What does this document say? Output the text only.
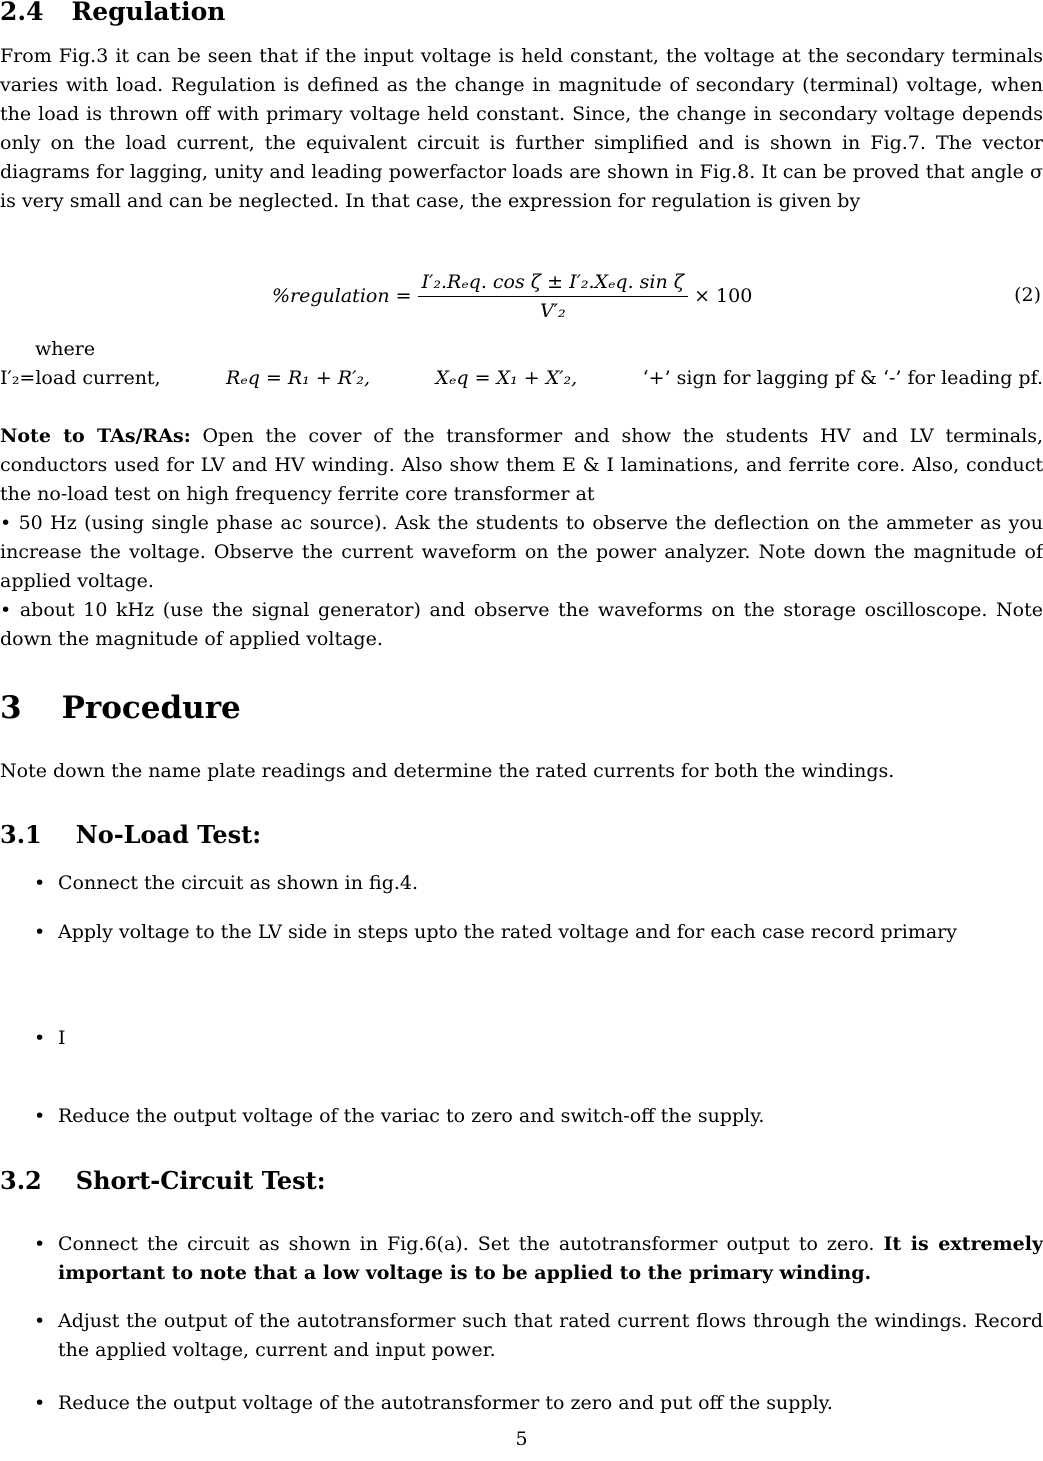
2.4 Regulation

From Fig.3 it can be seen that if the input voltage is held constant, the voltage at the secondary terminals varies with load. Regulation is defined as the change in magnitude of secondary (terminal) voltage, when the load is thrown off with primary voltage held constant. Since, the change in secondary voltage depends only on the load current, the equivalent circuit is further simplified and is shown in Fig.7. The vector diagrams for lagging, unity and leading powerfactor loads are shown in Fig.8. It can be proved that angle σ is very small and can be neglected. In that case, the expression for regulation is given by

%regulation = $\frac{\text{I′₂.Rₑq. cos ζ ± I′₂.Xₑq. sin ζ}}{\text{V′₂}} \times 100$	(2)

where

I′₂=load current,	Rₑq = R₁ + R′₂,	Xₑq = X₁ + X′₂,	‘+’ sign for lagging pf & ‘-’ for leading pf.

Note to TAs/RAs: Open the cover of the transformer and show the students HV and LV terminals, conductors used for LV and HV winding. Also show them E & I laminations, and ferrite core. Also, conduct the no-load test on high frequency ferrite core transformer at

• 50 Hz (using single phase ac source). Ask the students to observe the deflection on the ammeter as you increase the voltage. Observe the current waveform on the power analyzer. Note down the magnitude of applied voltage.

• about 10 kHz (use the signal generator) and observe the waveforms on the storage oscilloscope. Note down the magnitude of applied voltage.

3 Procedure

Note down the name plate readings and determine the rated currents for both the windings.

3.1 No-Load Test:
• Connect the circuit as shown in fig.4.
• Apply voltage to the LV side in steps upto the rated voltage and for each case record primary
• I
• Reduce the output voltage of the variac to zero and switch-off the supply.
3.2 Short-Circuit Test:
• Connect the circuit as shown in Fig.6(a). Set the autotransformer output to zero. It is extremely important to note that a low voltage is to be applied to the primary winding.
• Adjust the output of the autotransformer such that rated current flows through the windings. Record the applied voltage, current and input power.
• Reduce the output voltage of the autotransformer to zero and put off the supply.
5
